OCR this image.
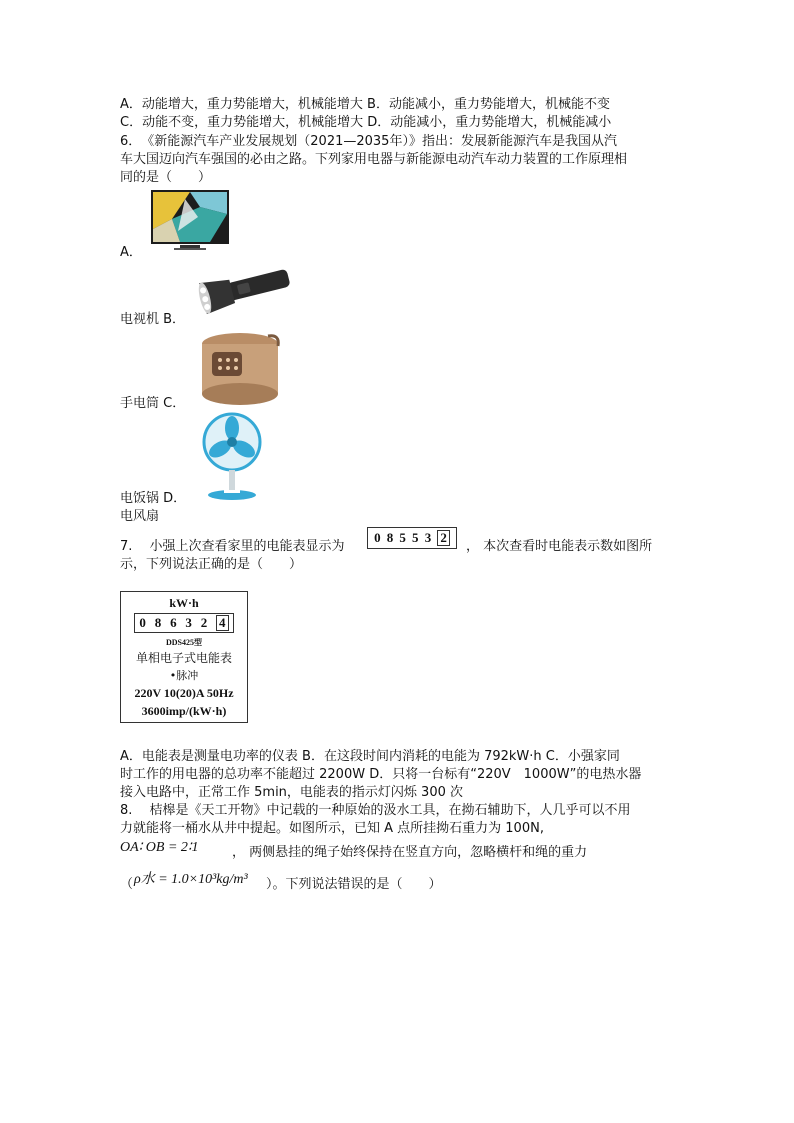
A．动能增大，重力势能增大，机械能增大 B．动能减小，重力势能增大，机械能不变
C．动能不变，重力势能增大，机械能增大 D．动能减小，重力势能增大，机械能减小
6．　《新能源汽车产业发展规划（2021—2035年）》指出：发展新能源汽车是我国从汽
车大国迈向汽车强国的必由之路。下列家用电器与新能源电动汽车动力装置的工作原理相
同的是（　　）
A．
电视机 B．
手电筒 C．
电饭锅 D．
电风扇
7.　 小强上次查看家里的电能表显示为
0 8 5 5 3 2
， 本次查看时电能表示数如图所
示，下列说法正确的是（　　）
kW·h
0 8 6 3 2 4
DDS425型
单相电子式电能表
•脉冲
220V 10(20)A 50Hz
3600imp/(kW·h)
A．电能表是测量电功率的仪表 B．在这段时间内消耗的电能为 792kW·h C．小强家同
时工作的用电器的总功率不能超过 2200W D．只将一台标有“220V　1000W”的电热水器
接入电路中，正常工作 5min，电能表的指示灯闪烁 300 次
8.　 桔槔是《天工开物》中记载的一种原始的汲水工具，在拗石辅助下，人几乎可以不用
力就能将一桶水从井中提起。如图所示，已知 A 点所挂拗石重力为 100N,
OA∶ OB = 2∶1	， 两侧悬挂的绳子始终保持在竖直方向，忽略横杆和绳的重力
（ ρ水 = 1.0×10³kg/m³ ）。下列说法错误的是（　　）
